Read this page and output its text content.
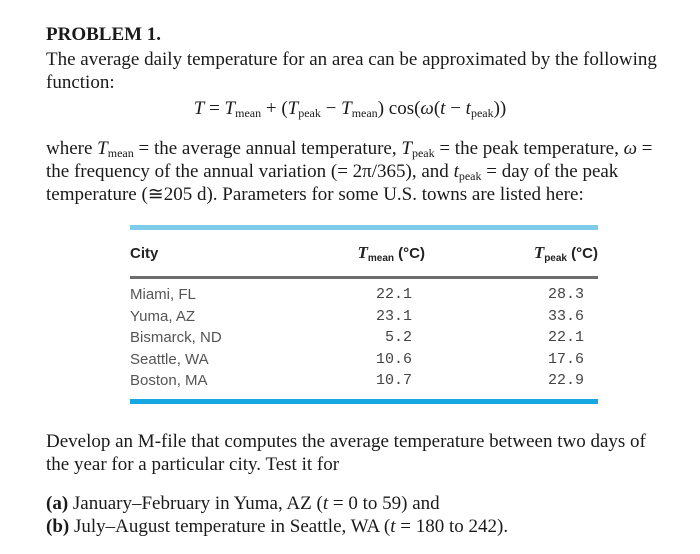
PROBLEM 1.
The average daily temperature for an area can be approximated by the following function:
$T = T_{mean} + (T_{peak} - T_{mean}) \cos(\omega(t - t_{peak}))$
where $T_{mean}$ = the average annual temperature, $T_{peak}$ = the peak temperature, ω = the frequency of the annual variation (= 2π/365), and $t_{peak}$ = day of the peak temperature (≅205 d). Parameters for some U.S. towns are listed here:
City	$T_{mean}$ (°C)	$T_{peak}$ (°C)
Miami, FL	22.1	28.3
Yuma, AZ	23.1	33.6
Bismarck, ND	5.2	22.1
Seattle, WA	10.6	17.6
Boston, MA	10.7	22.9
Develop an M-file that computes the average temperature between two days of the year for a particular city. Test it for
(a) January–February in Yuma, AZ (t = 0 to 59) and
(b) July–August temperature in Seattle, WA (t = 180 to 242).
